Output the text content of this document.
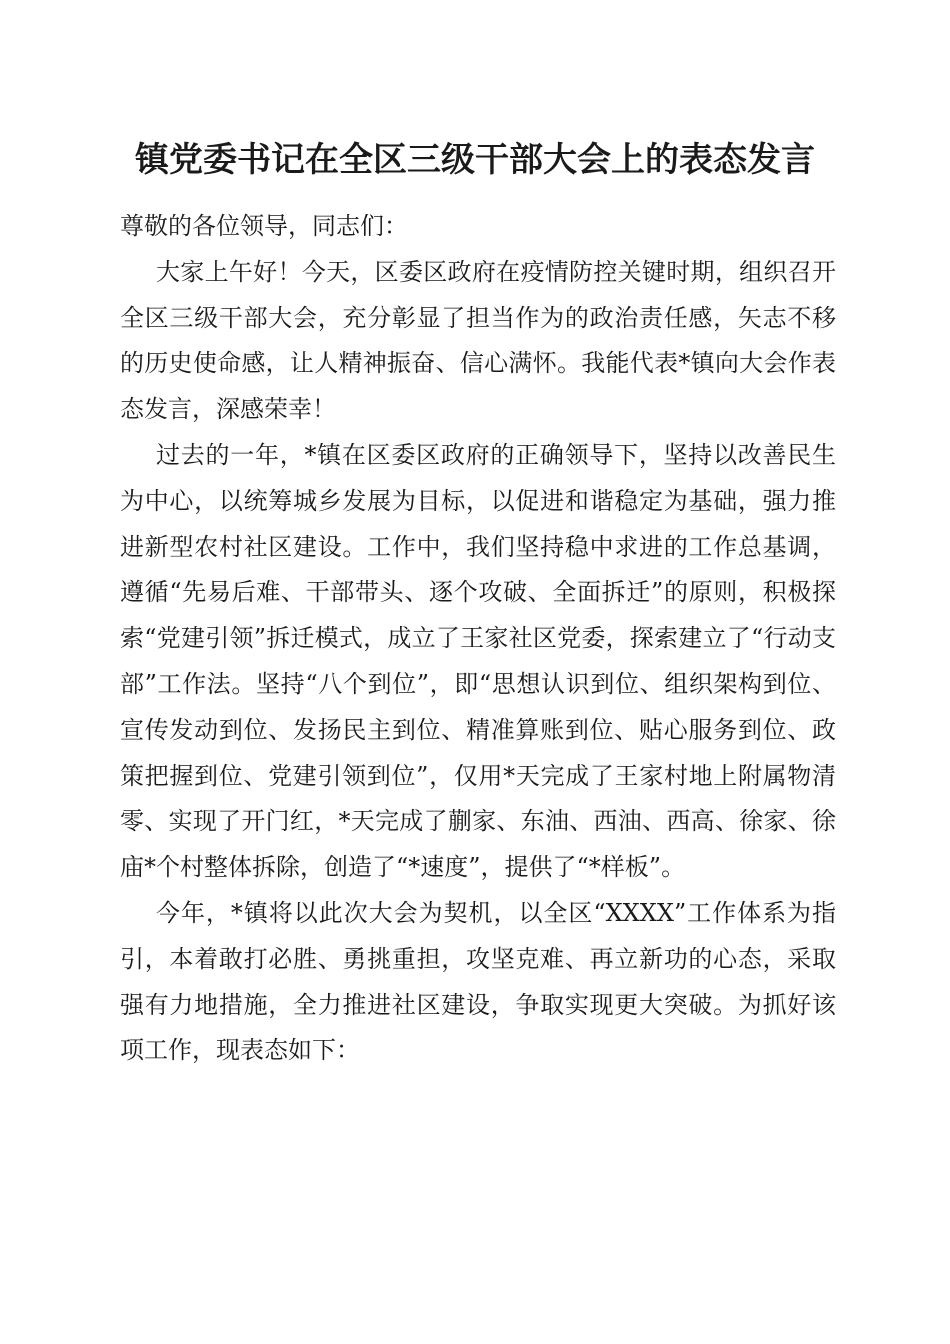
镇党委书记在全区三级干部大会上的表态发言

尊敬的各位领导，同志们：

大家上午好！今天，区委区政府在疫情防控关键时期，组织召开全区三级干部大会，充分彰显了担当作为的政治责任感，矢志不移的历史使命感，让人精神振奋、信心满怀。我能代表*镇向大会作表态发言，深感荣幸！

过去的一年，*镇在区委区政府的正确领导下，坚持以改善民生为中心，以统筹城乡发展为目标，以促进和谐稳定为基础，强力推进新型农村社区建设。工作中，我们坚持稳中求进的工作总基调，遵循“先易后难、干部带头、逐个攻破、全面拆迁”的原则，积极探索“党建引领”拆迁模式，成立了王家社区党委，探索建立了“行动支部”工作法。坚持“八个到位”，即“思想认识到位、组织架构到位、宣传发动到位、发扬民主到位、精准算账到位、贴心服务到位、政策把握到位、党建引领到位”，仅用*天完成了王家村地上附属物清零、实现了开门红，*天完成了蒯家、东油、西油、西高、徐家、徐庙*个村整体拆除，创造了“*速度”，提供了“*样板”。

今年，*镇将以此次大会为契机，以全区“XXXX”工作体系为指引，本着敢打必胜、勇挑重担，攻坚克难、再立新功的心态，采取强有力地措施，全力推进社区建设，争取实现更大突破。为抓好该项工作，现表态如下：
